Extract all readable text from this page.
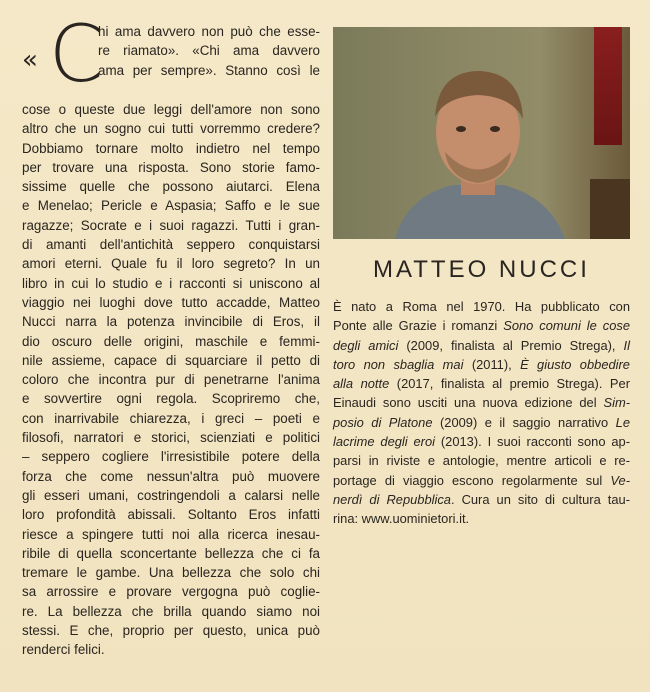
« C
hi ama davvero non può che esse-
re riamato». «Chi ama davvero
ama per sempre». Stanno così le
cose o queste due leggi dell'amore non sono
altro che un sogno cui tutti vorremmo credere?
Dobbiamo tornare molto indietro nel tempo
per trovare una risposta. Sono storie famo-
sissime quelle che possono aiutarci. Elena
e Menelao; Pericle e Aspasia; Saffo e le sue
ragazze; Socrate e i suoi ragazzi. Tutti i gran-
di amanti dell'antichità seppero conquistarsi
amori eterni. Quale fu il loro segreto? In un
libro in cui lo studio e i racconti si uniscono al
viaggio nei luoghi dove tutto accadde, Matteo
Nucci narra la potenza invincibile di Eros, il
dio oscuro delle origini, maschile e femmi-
nile assieme, capace di squarciare il petto di
coloro che incontra pur di penetrarne l'anima
e sovvertire ogni regola. Scopriremo che,
con inarrivabile chiarezza, i greci – poeti e
filosofi, narratori e storici, scienziati e politici
– seppero cogliere l'irresistibile potere della
forza che come nessun'altra può muovere
gli esseri umani, costringendoli a calarsi nelle
loro profondità abissali. Soltanto Eros infatti
riesce a spingere tutti noi alla ricerca inesau-
ribile di quella sconcertante bellezza che ci fa
tremare le gambe. Una bellezza che solo chi
sa arrossire e provare vergogna può coglie-
re. La bellezza che brilla quando siamo noi
stessi. E che, proprio per questo, unica può
renderci felici.
MATTEO NUCCI
È nato a Roma nel 1970. Ha pubblicato con
Ponte alle Grazie i romanzi Sono comuni le cose
degli amici (2009, finalista al Premio Strega), Il
toro non sbaglia mai (2011), È giusto obbedire
alla notte (2017, finalista al premio Strega). Per
Einaudi sono usciti una nuova edizione del Sim-
posio di Platone (2009) e il saggio narrativo Le
lacrime degli eroi (2013). I suoi racconti sono ap-
parsi in riviste e antologie, mentre articoli e re-
portage di viaggio escono regolarmente sul Ve-
nerdì di Repubblica. Cura un sito di cultura tau-
rina: www.uominietori.it.
